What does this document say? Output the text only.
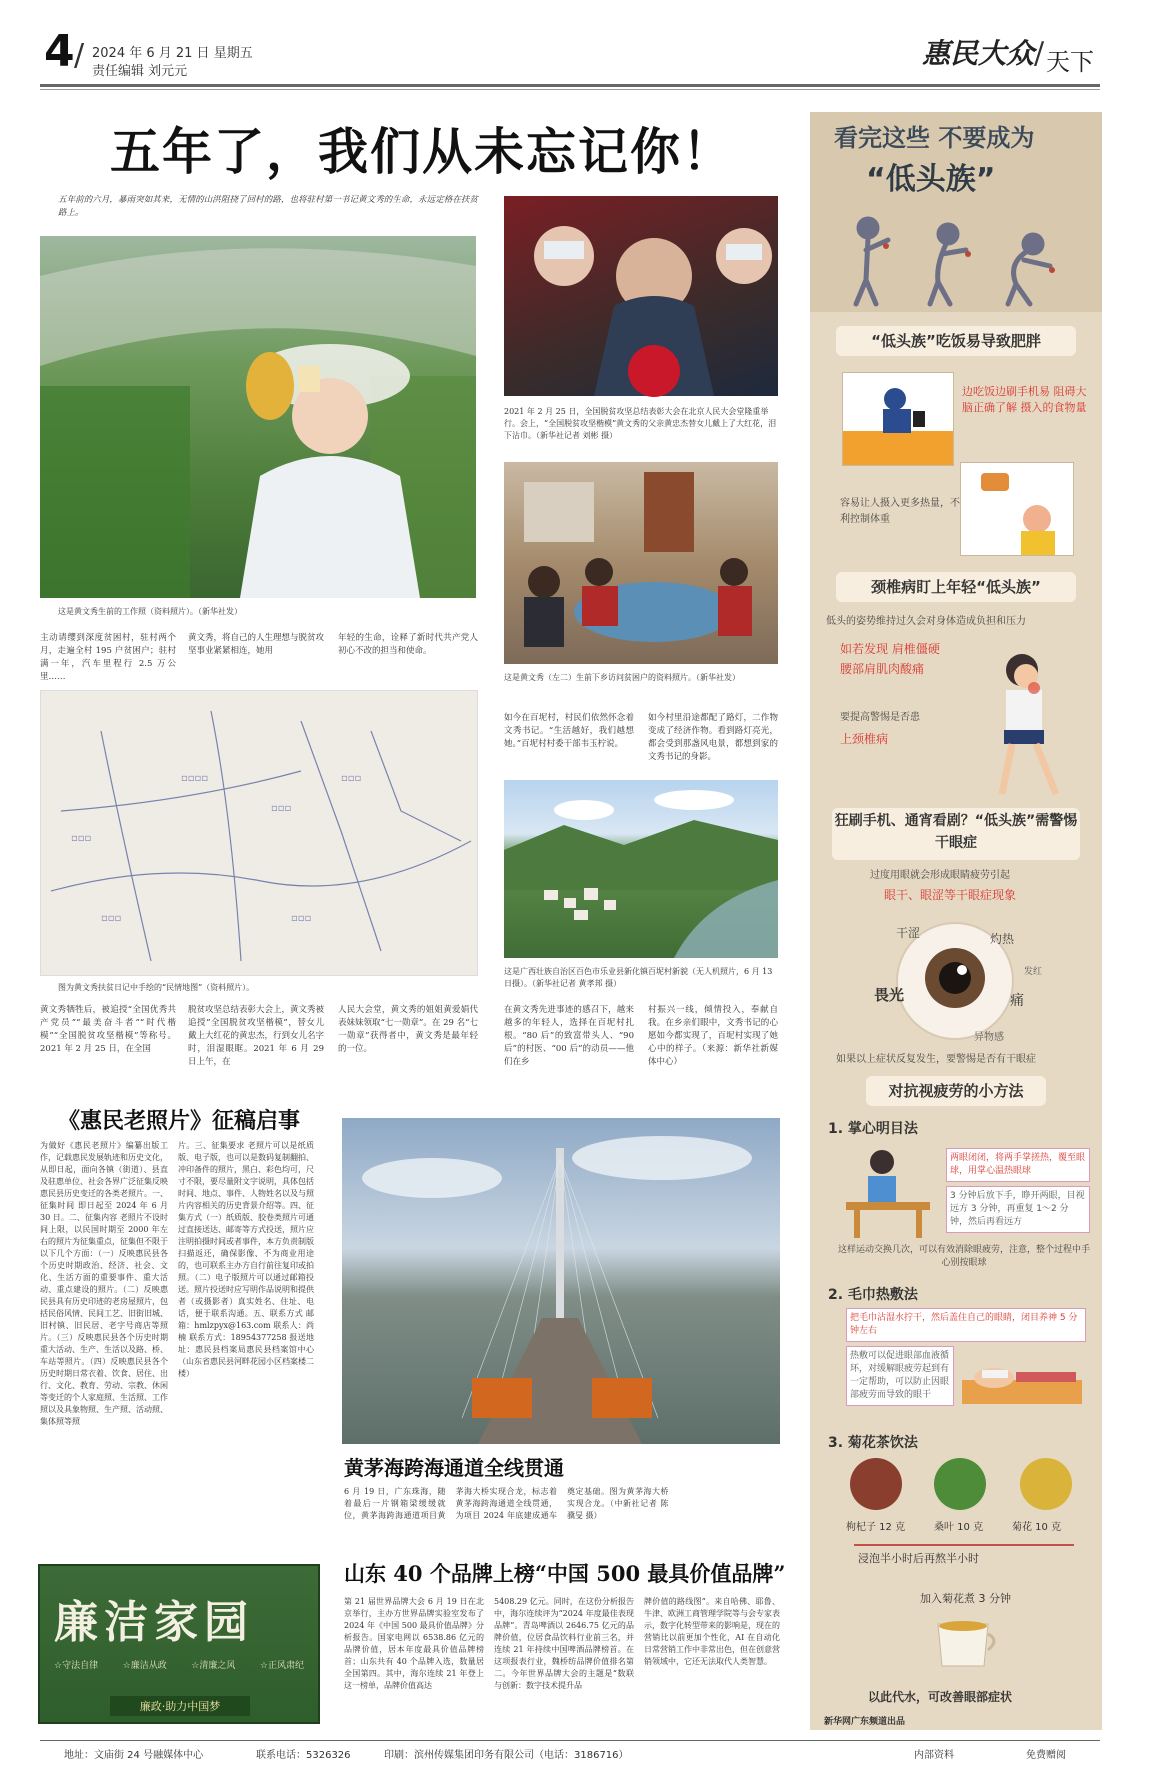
4 / 2024 年 6 月 21 日 星期五
责任编辑 刘元元
惠民大众 / 天下
五年了，我们从未忘记你！
五年前的六月，暴雨突如其来，无情的山洪阻挠了回村的路，也将驻村第一书记黄文秀的生命，永远定格在扶贫路上。
这是黄文秀生前的工作照（资料照片）。（新华社发）
主动请缨到深度贫困村，驻村两个月，走遍全村 195 户贫困户；驻村满一年，汽车里程行 2.5 万公里……
黄文秀，将自己的人生理想与脱贫攻坚事业紧紧相连，她用
年轻的生命，诠释了新时代共产党人初心不改的担当和使命。
▫▫▫
▫▫▫▫
▫▫▫
▫▫▫
▫▫▫	▫▫▫
图为黄文秀扶贫日记中手绘的“民情地图”（资料照片）。
黄文秀牺牲后，被追授“全国优秀共产党员”“最美奋斗者”“时代楷模”“全国脱贫攻坚楷模”等称号。2021 年 2 月 25 日，在全国
脱贫攻坚总结表彰大会上，黄文秀被追授“全国脱贫攻坚楷模”，替女儿戴上大红花的黄忠杰，行到女儿名字时，泪湿眼眶。2021 年 6 月 29 日上午，在
人民大会堂，黄文秀的姐姐黄爱娟代表妹妹领取“七一勋章”。在 29 名“七一勋章”获得者中，黄文秀是最年轻的一位。
2021 年 2 月 25 日，全国脱贫攻坚总结表彰大会在北京人民大会堂隆重举行。会上，“全国脱贫攻坚楷模”黄文秀的父亲黄忠杰替女儿戴上了大红花，泪下沾巾。（新华社记者 刘彬 摄）
这是黄文秀（左二）生前下乡访问贫困户的资料照片。（新华社发）
如今在百坭村，村民们依然怀念着文秀书记。“生活越好，我们越想她。”百坭村村委干部韦玉柠说。
如今村里沿途都配了路灯，二作物变成了经济作物。看到路灯亮光，都会受到那盏风电景，都想到家的文秀书记的身影。
这是广西壮族自治区百色市乐业县新化镇百坭村新貌（无人机照片，6 月 13 日摄）。（新华社记者 黄孝邦 摄）
在黄文秀先进事迹的感召下，越来越多的年轻人，选择在百坭村扎根。“80 后”的致富带头人、“90 后”的村医、“00 后”的动员——他们在乡
村振兴一线，倾情投入，奉献自我。在乡亲们眼中，文秀书记的心愿如今都实现了，百坭村实现了她心中的样子。（来源：新华社新媒体中心）
《惠民老照片》征稿启事
为做好《惠民老照片》编纂出版工作，记载惠民发展轨迹和历史文化，从即日起，面向各镇（街道）、县直及驻惠单位、社会各界广泛征集反映惠民县历史变迁的各类老照片。一、征集时间 即日起至 2024 年 6 月 30 日。二、征集内容 老照片不设时间上限，以民国时期至 2000 年左右的照片为征集重点，征集但不限于以下几个方面：（一）反映惠民县各个历史时期政治、经济、社会、文化、生活方面的重要事件、重大活动、重点建设的照片。（二）反映惠民县具有历史印迹的老房屋照片，包括民俗风情、民间工艺、旧街旧城、旧村镇、旧民居、老字号商店等照片。（三）反映惠民县各个历史时期重大活动、生产、生活以及路、桥、车站等照片。（四）反映惠民县各个历史时期日常衣着、饮食、居住、出行、文化、教育、劳动、宗教、休闲等变迁的个人家庭照、生活照、工作照以及具象物照、生产照、活动照、集体照等照
片。三、征集要求 老照片可以是纸质版、电子版，也可以是数码复制翻拍、冲印备件的照片，黑白、彩色均可，尺寸不限，要尽量附文字说明，具体包括时间、地点、事件、人物姓名以及与照片内容相关的历史背景介绍等。四、征集方式（一）纸质版、胶卷类照片可通过直接送达、邮寄等方式投送，照片应注明拍摄时间或者事件，本方负责制版扫描返还，确保影像、不为商业用途的，也可联系主办方自行前往复印或拍照。（二）电子版照片可以通过邮箱投送。照片投送时应写明作品说明和提供者（或摄影者）真实姓名、住址、电话，便于联系沟通。五、联系方式 邮箱：hmlzpyx@163.com 联系人：尚楠 联系方式：18954377258 报送地址：惠民县档案局惠民县档案馆中心（山东省惠民县河畔花园小区档案楼二楼）
廉洁家园
☆守法自律	☆廉洁从政	☆清廉之风	☆正风肃纪
廉政·助力中国梦
黄茅海跨海通道全线贯通
6 月 19 日，广东珠海，随着最后一片钢箱梁缓缓就位，黄茅海跨海通道项目黄茅海大桥实现合龙，标志着黄茅海跨海通道全线贯通，为项目 2024 年底建成通车奠定基础。图为黄茅海大桥实现合龙。（中新社记者 陈骥旻 摄）
山东 40 个品牌上榜“中国 500 最具价值品牌”
第 21 届世界品牌大会 6 月 19 日在北京举行，主办方世界品牌实验室发布了 2024 年《中国 500 最具价值品牌》分析报告。国家电网以 6538.86 亿元的品牌价值，居本年度最具价值品牌榜首；山东共有 40 个品牌入选，数量居全国第四。其中，海尔连续 21 年登上这一榜单，品牌价值高达
5408.29 亿元。同时，在这份分析报告中，海尔连续评为“2024 年度最佳表现品牌”。青岛啤酒以 2646.75 亿元的品牌价值，位居食品饮料行业前三名，并连续 21 年持续中国啤酒品牌榜首。在这项报表行业，魏桥纺品牌价值排名第二。今年世界品牌大会的主题是“数联与创新：数字技术提升品
牌价值的路线图”。来自哈佛、耶鲁、牛津、欧洲工商管理学院等与会专家表示，数字化转型带来的影响是，现在的营销比以前更加个性化，AI 在自动化日常营销工作中非常出色，但在创意营销领域中，它还无法取代人类智慧。
看完这些 不要成为
“低头族”
“低头族”吃饭易导致肥胖
边吃饭边刷手机易 阻碍大脑正确了解 摄入的食物量
容易让人摄入更多热量，不利控制体重
颈椎病盯上年轻“低头族”
低头的姿势维持过久会对身体造成负担和压力
如若发现 肩椎僵硬
腰部肩肌肉酸痛
要提高警惕是否患
上颈椎病
狂刷手机、通宵看剧？“低头族”需警惕干眼症
过度用眼就会形成眼睛疲劳引起
眼干、眼涩等干眼症现象
干涩	灼热
畏光	痛
异物感
发红
如果以上症状反复发生，要警惕是否有干眼症
对抗视疲劳的小方法
1. 掌心明目法
两眼闭闭，将两手掌搓热，覆至眼球，用掌心温热眼球
3 分钟后放下手，睁开两眼，目视远方 3 分钟，再重复 1～2 分钟，然后再看远方
这样运动交换几次，可以有效消除眼疲劳，注意，整个过程中手心别按眼球
2. 毛巾热敷法
把毛巾沾湿水拧干，然后盖住自己的眼睛，闭目养神 5 分钟左右
热敷可以促进眼部血液循环，对缓解眼疲劳起到有一定帮助，可以防止因眼部疲劳而导致的眼干
3. 菊花茶饮法
枸杞子 12 克	桑叶 10 克	菊花 10 克
浸泡半小时后再熬半小时
加入菊花煮 3 分钟
以此代水，可改善眼部症状
新华网广东频道出品
地址：文庙街 24 号融媒体中心	联系电话：5326326	印刷：滨州传媒集团印务有限公司（电话：3186716）	内部资料	免费赠阅
